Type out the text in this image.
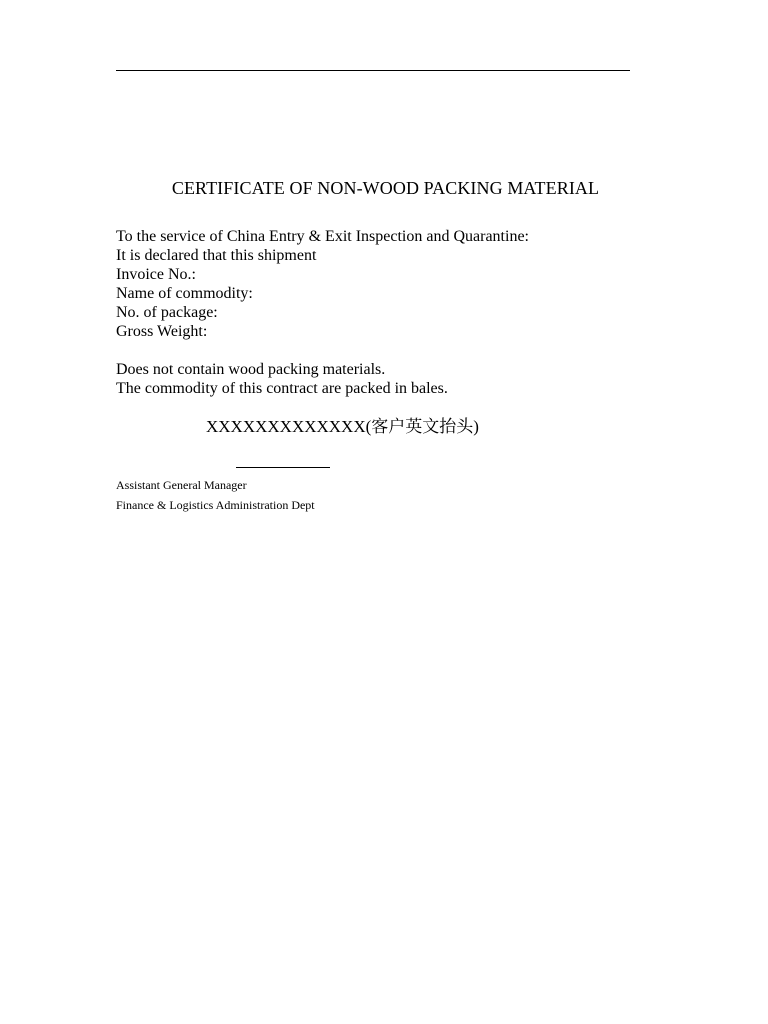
CERTIFICATE OF NON-WOOD PACKING MATERIAL
To the service of China Entry & Exit Inspection and Quarantine:
It is declared that this shipment
Invoice No.:
Name of commodity:
No. of package:
Gross Weight:
Does not contain wood packing materials.
The commodity of this contract are packed in bales.
XXXXXXXXXXXXX(客户英文抬头)
Assistant General Manager
Finance & Logistics Administration Dept
